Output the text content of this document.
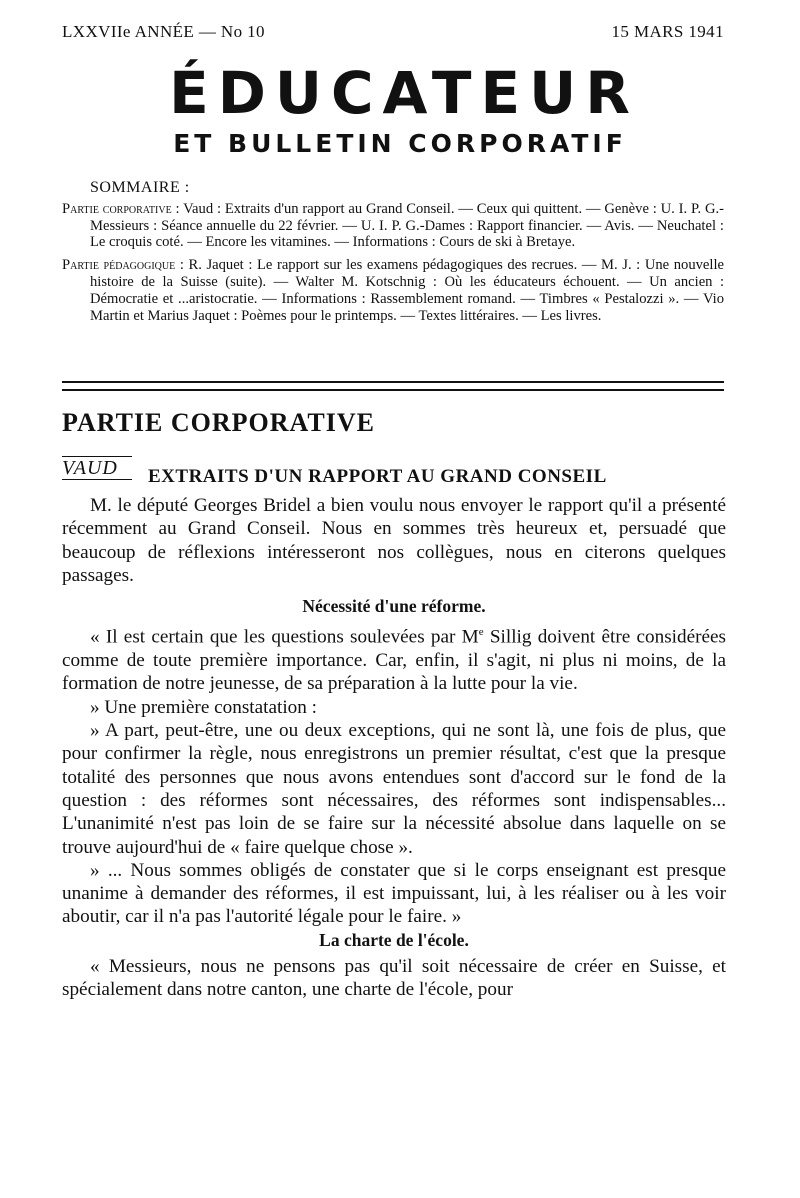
LXXVIIe ANNÉE — No 10	15 MARS 1941
ÉDUCATEUR
ET BULLETIN CORPORATIF
SOMMAIRE :

Partie corporative : Vaud : Extraits d'un rapport au Grand Conseil. — Ceux qui quittent. — Genève : U. I. P. G.-Messieurs : Séance annuelle du 22 février. — U. I. P. G.-Dames : Rapport financier. — Avis. — Neuchatel : Le croquis coté. — Encore les vitamines. — Informations : Cours de ski à Bretaye.

Partie pédagogique : R. Jaquet : Le rapport sur les examens pédagogiques des recrues. — M. J. : Une nouvelle histoire de la Suisse (suite). — Walter M. Kotschnig : Où les éducateurs échouent. — Un ancien : Démocratie et ...aristocratie. — Informations : Rassemblement romand. — Timbres « Pestalozzi ». — Vio Martin et Marius Jaquet : Poèmes pour le printemps. — Textes littéraires. — Les livres.

PARTIE CORPORATIVE
VAUD	EXTRAITS D'UN RAPPORT AU GRAND CONSEIL

M. le député Georges Bridel a bien voulu nous envoyer le rapport qu'il a présenté récemment au Grand Conseil. Nous en sommes très heureux et, persuadé que beaucoup de réflexions intéresseront nos collègues, nous en citerons quelques passages.

Nécessité d'une réforme.

« Il est certain que les questions soulevées par Me Sillig doivent être considérées comme de toute première importance. Car, enfin, il s'agit, ni plus ni moins, de la formation de notre jeunesse, de sa préparation à la lutte pour la vie.

» Une première constatation :

» A part, peut-être, une ou deux exceptions, qui ne sont là, une fois de plus, que pour confirmer la règle, nous enregistrons un premier résultat, c'est que la presque totalité des personnes que nous avons entendues sont d'accord sur le fond de la question : des réformes sont nécessaires, des réformes sont indispensables... L'unanimité n'est pas loin de se faire sur la nécessité absolue dans laquelle on se trouve aujourd'hui de « faire quelque chose ».

» ... Nous sommes obligés de constater que si le corps enseignant est presque unanime à demander des réformes, il est impuissant, lui, à les réaliser ou à les voir aboutir, car il n'a pas l'autorité légale pour le faire. »

La charte de l'école.

« Messieurs, nous ne pensons pas qu'il soit nécessaire de créer en Suisse, et spécialement dans notre canton, une charte de l'école, pour
